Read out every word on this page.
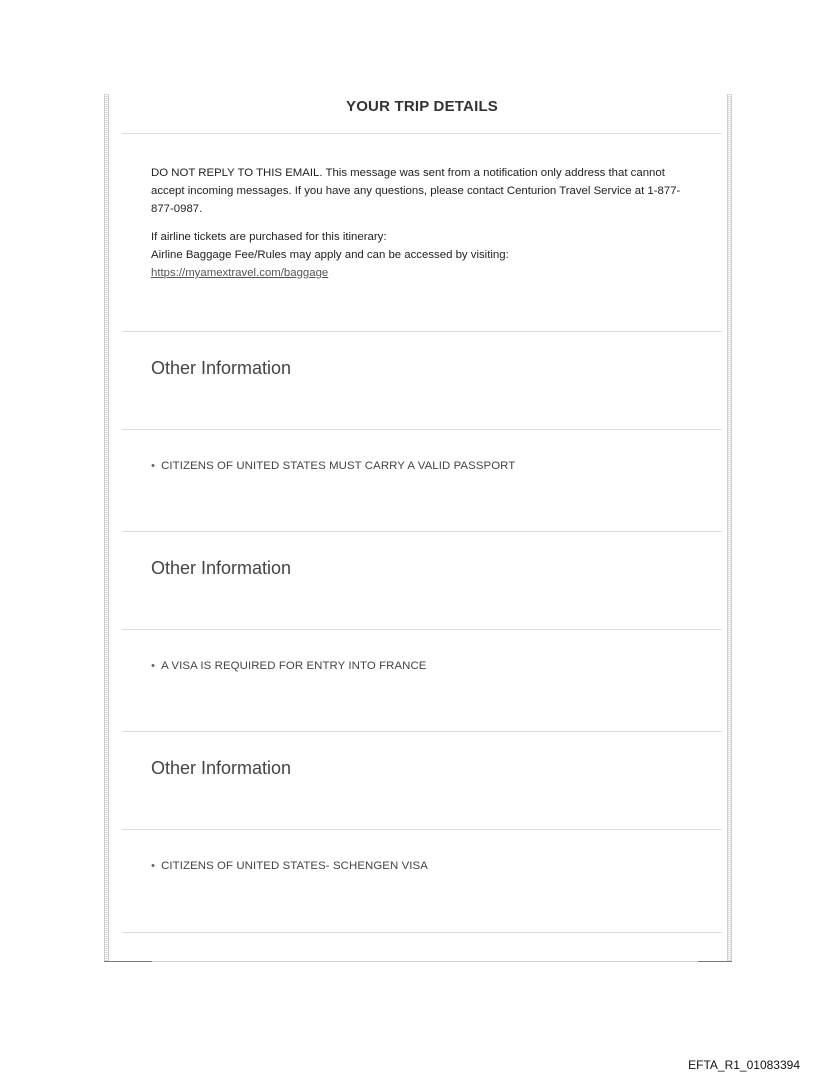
YOUR TRIP DETAILS

DO NOT REPLY TO THIS EMAIL. This message was sent from a notification only address that cannot accept incoming messages. If you have any questions, please contact Centurion Travel Service at 1-877-877-0987.

If airline tickets are purchased for this itinerary:
Airline Baggage Fee/Rules may apply and can be accessed by visiting:
https://myamextravel.com/baggage
Other Information
• CITIZENS OF UNITED STATES MUST CARRY A VALID PASSPORT
Other Information
• A VISA IS REQUIRED FOR ENTRY INTO FRANCE
Other Information
• CITIZENS OF UNITED STATES- SCHENGEN VISA
EFTA_R1_01083394
